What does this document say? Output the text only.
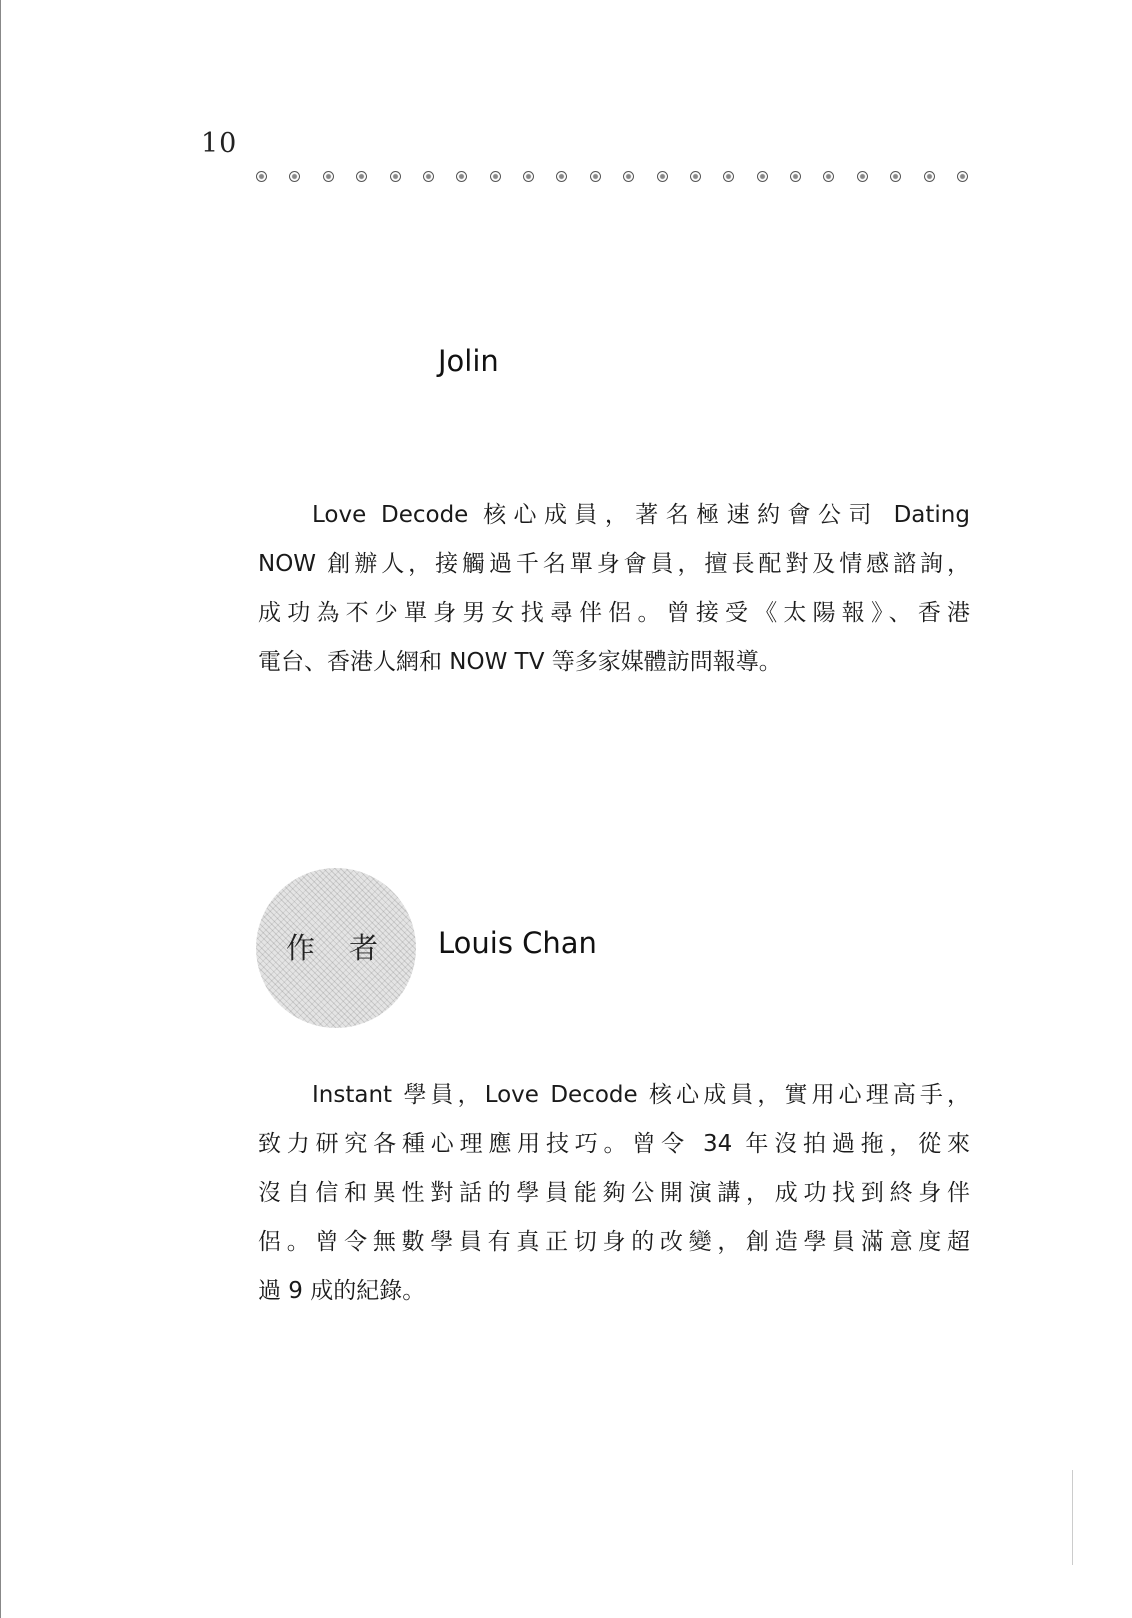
10
Jolin

Love Decode 核心成員，著名極速約會公司 Dating
NOW 創辦人，接觸過千名單身會員，擅長配對及情感諮詢，
成功為不少單身男女找尋伴侶。曾接受《太陽報》、香港
電台、香港人網和 NOW TV 等多家媒體訪問報導。

作者 Louis Chan

Instant 學員，Love Decode 核心成員，實用心理高手，
致力研究各種心理應用技巧。曾令 34 年沒拍過拖，從來
沒自信和異性對話的學員能夠公開演講，成功找到終身伴
侶。曾令無數學員有真正切身的改變，創造學員滿意度超
過 9 成的紀錄。
